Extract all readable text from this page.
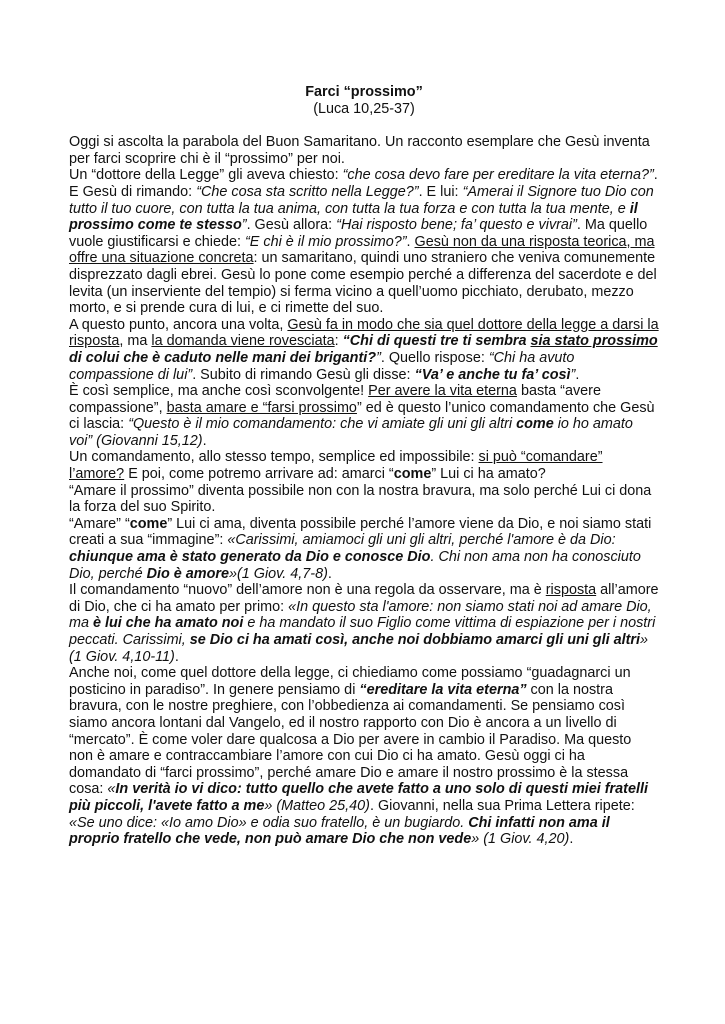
Farci “prossimo”
(Luca 10,25-37)

Oggi si ascolta la parabola del Buon Samaritano. Un racconto esemplare che Gesù inventa per farci scoprire chi è il “prossimo” per noi.

Un “dottore della Legge” gli aveva chiesto: “che cosa devo fare per ereditare la vita eterna?”. E Gesù di rimando: “Che cosa sta scritto nella Legge?”. E lui: “Amerai il Signore tuo Dio con tutto il tuo cuore, con tutta la tua anima, con tutta la tua forza e con tutta la tua mente, e il prossimo come te stesso”. Gesù allora: “Hai risposto bene; fa’ questo e vivrai”. Ma quello vuole giustificarsi e chiede: “E chi è il mio prossimo?”. Gesù non da una risposta teorica, ma offre una situazione concreta: un samaritano, quindi uno straniero che veniva comunemente disprezzato dagli ebrei. Gesù lo pone come esempio perché a differenza del sacerdote e del levita (un inserviente del tempio) si ferma vicino a quell’uomo picchiato, derubato, mezzo morto, e si prende cura di lui, e ci rimette del suo.

A questo punto, ancora una volta, Gesù fa in modo che sia quel dottore della legge a darsi la risposta, ma la domanda viene rovesciata: “Chi di questi tre ti sembra sia stato prossimo di colui che è caduto nelle mani dei briganti?”. Quello rispose: “Chi ha avuto compassione di lui”. Subito di rimando Gesù gli disse: “Va’ e anche tu fa’ così”.

È così semplice, ma anche così sconvolgente! Per avere la vita eterna basta “avere compassione”, basta amare e “farsi prossimo” ed è questo l’unico comandamento che Gesù ci lascia: “Questo è il mio comandamento: che vi amiate gli uni gli altri come io ho amato voi” (Giovanni 15,12).

Un comandamento, allo stesso tempo, semplice ed impossibile: si può “comandare” l’amore? E poi, come potremo arrivare ad: amarci “come” Lui ci ha amato?

“Amare il prossimo” diventa possibile non con la nostra bravura, ma solo perché Lui ci dona la forza del suo Spirito.

“Amare” “come” Lui ci ama, diventa possibile perché l’amore viene da Dio, e noi siamo stati creati a sua “immagine”: «Carissimi, amiamoci gli uni gli altri, perché l'amore è da Dio: chiunque ama è stato generato da Dio e conosce Dio. Chi non ama non ha conosciuto Dio, perché Dio è amore»(1 Giov. 4,7-8).

Il comandamento “nuovo” dell’amore non è una regola da osservare, ma è risposta all’amore di Dio, che ci ha amato per primo: «In questo sta l'amore: non siamo stati noi ad amare Dio, ma è lui che ha amato noi e ha mandato il suo Figlio come vittima di espiazione per i nostri peccati. Carissimi, se Dio ci ha amati così, anche noi dobbiamo amarci gli uni gli altri» (1 Giov. 4,10-11).

Anche noi, come quel dottore della legge, ci chiediamo come possiamo “guadagnarci un posticino in paradiso”. In genere pensiamo di “ereditare la vita eterna” con la nostra bravura, con le nostre preghiere, con l’obbedienza ai comandamenti. Se pensiamo così siamo ancora lontani dal Vangelo, ed il nostro rapporto con Dio è ancora a un livello di “mercato”. È come voler dare qualcosa a Dio per avere in cambio il Paradiso. Ma questo non è amare e contraccambiare l’amore con cui Dio ci ha amato. Gesù oggi ci ha domandato di “farci prossimo”, perché amare Dio e amare il nostro prossimo è la stessa cosa: «In verità io vi dico: tutto quello che avete fatto a uno solo di questi miei fratelli più piccoli, l'avete fatto a me» (Matteo 25,40). Giovanni, nella sua Prima Lettera ripete: «Se uno dice: «Io amo Dio» e odia suo fratello, è un bugiardo. Chi infatti non ama il proprio fratello che vede, non può amare Dio che non vede» (1 Giov. 4,20).
